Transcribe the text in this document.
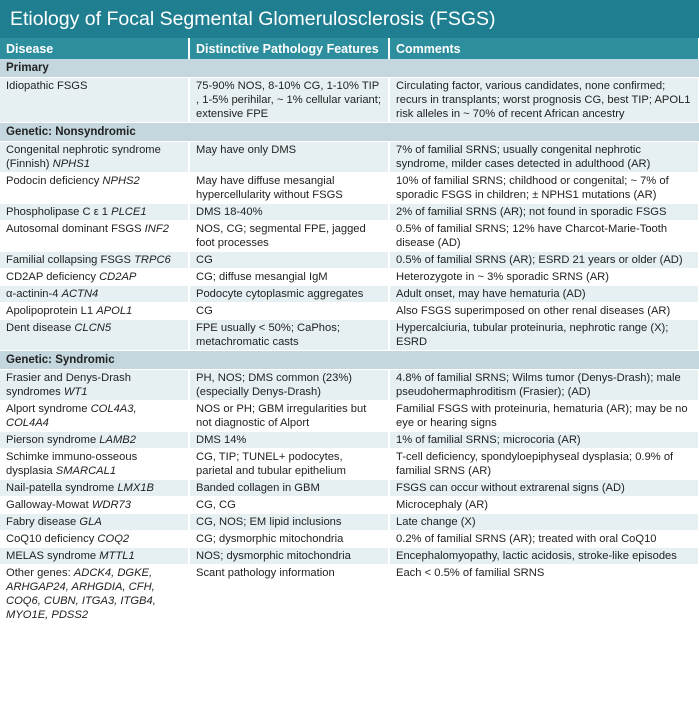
Etiology of Focal Segmental Glomerulosclerosis (FSGS)
Disease	Distinctive Pathology Features	Comments
Primary		
Idiopathic FSGS	75-90% NOS, 8-10% CG, 1-10% TIP , 1-5% perihilar, ~ 1% cellular variant; extensive FPE	Circulating factor, various candidates, none confirmed; recurs in transplants; worst prognosis CG, best TIP; APOL1 risk alleles in ~ 70% of recent African ancestry
Genetic: Nonsyndromic		
Congenital nephrotic syndrome (Finnish) NPHS1	May have only DMS	7% of familial SRNS; usually congenital nephrotic syndrome, milder cases detected in adulthood (AR)
Podocin deficiency NPHS2	May have diffuse mesangial hypercellularity without FSGS	10% of familial SRNS; childhood or congenital; ~ 7% of sporadic FSGS in children; ± NPHS1 mutations (AR)
Phospholipase C ε 1 PLCE1	DMS 18-40%	2% of familial SRNS (AR); not found in sporadic FSGS
Autosomal dominant FSGS INF2	NOS, CG; segmental FPE, jagged foot processes	0.5% of familial SRNS; 12% have Charcot-Marie-Tooth disease (AD)
Familial collapsing FSGS TRPC6	CG	0.5% of familial SRNS (AR); ESRD 21 years or older (AD)
CD2AP deficiency CD2AP	CG; diffuse mesangial IgM	Heterozygote in ~ 3% sporadic SRNS (AR)
α-actinin-4 ACTN4	Podocyte cytoplasmic aggregates	Adult onset, may have hematuria (AD)
Apolipoprotein L1 APOL1	CG	Also FSGS superimposed on other renal diseases (AR)
Dent disease CLCN5	FPE usually < 50%; CaPhos; metachromatic casts	Hypercalciuria, tubular proteinuria, nephrotic range (X); ESRD
Genetic: Syndromic		
Frasier and Denys-Drash syndromes WT1	PH, NOS; DMS common (23%) (especially Denys-Drash)	4.8% of familial SRNS; Wilms tumor (Denys-Drash); male pseudohermaphroditism (Frasier); (AD)
Alport syndrome COL4A3, COL4A4	NOS or PH; GBM irregularities but not diagnostic of Alport	Familial FSGS with proteinuria, hematuria (AR); may be no eye or hearing signs
Pierson syndrome LAMB2	DMS 14%	1% of familial SRNS; microcoria (AR)
Schimke immuno-osseous dysplasia SMARCAL1	CG, TIP; TUNEL+ podocytes, parietal and tubular epithelium	T-cell deficiency, spondyloepiphyseal dysplasia; 0.9% of familial SRNS (AR)
Nail-patella syndrome LMX1B	Banded collagen in GBM	FSGS can occur without extrarenal signs (AD)
Galloway-Mowat WDR73	CG, CG	Microcephaly (AR)
Fabry disease GLA	CG, NOS; EM lipid inclusions	Late change (X)
CoQ10 deficiency COQ2	CG; dysmorphic mitochondria	0.2% of familial SRNS (AR); treated with oral CoQ10
MELAS syndrome MTTL1	NOS; dysmorphic mitochondria	Encephalomyopathy, lactic acidosis, stroke-like episodes
Other genes: ADCK4, DGKE, ARHGAP24, ARHGDIA, CFH, COQ6, CUBN, ITGA3, ITGB4, MYO1E, PDSS2	Scant pathology information	Each < 0.5% of familial SRNS
